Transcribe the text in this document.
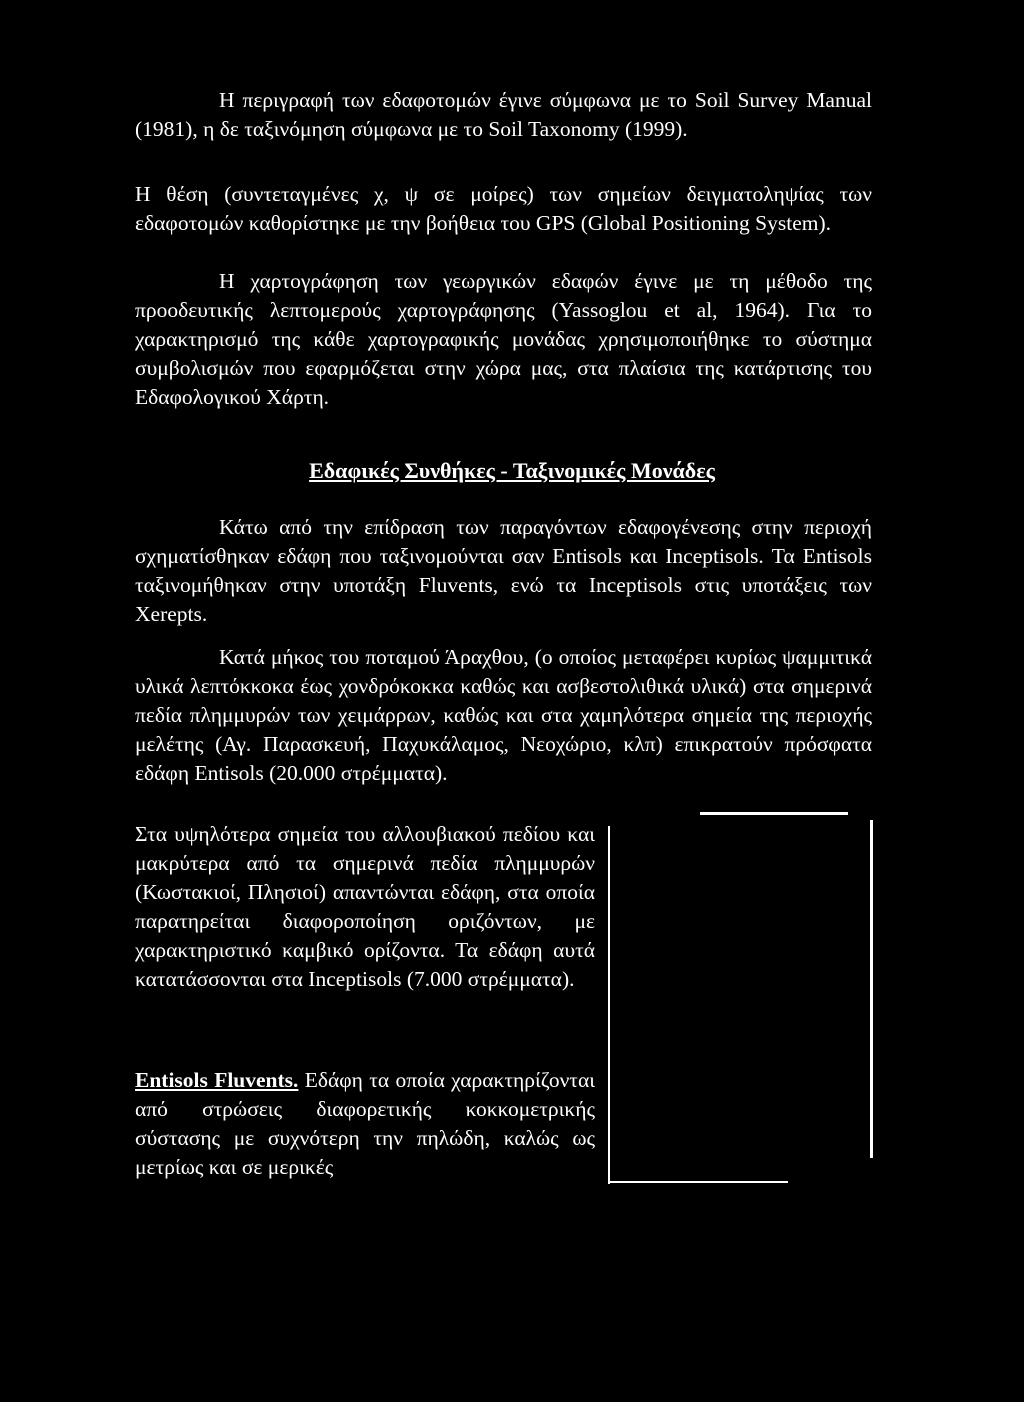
Η περιγραφή των εδαφοτομών έγινε σύμφωνα με το Soil Survey Manual (1981), η δε ταξινόμηση σύμφωνα με το Soil Taxonomy (1999).

Η θέση (συντεταγμένες χ, ψ σε μοίρες) των σημείων δειγματοληψίας των εδαφοτομών καθορίστηκε με την βοήθεια του GPS (Global Positioning System).

Η χαρτογράφηση των γεωργικών εδαφών έγινε με τη μέθοδο της προοδευτικής λεπτομερούς χαρτογράφησης (Yassoglou et al, 1964). Για το χαρακτηρισμό της κάθε χαρτογραφικής μονάδας χρησιμοποιήθηκε το σύστημα συμβολισμών που εφαρμόζεται στην χώρα μας, στα πλαίσια της κατάρτισης του Εδαφολογικού Χάρτη.

Εδαφικές Συνθήκες - Ταξινομικές Μονάδες

Κάτω από την επίδραση των παραγόντων εδαφογένεσης στην περιοχή σχηματίσθηκαν εδάφη που ταξινομούνται σαν Entisols και Inceptisols. Τα Entisols ταξινομήθηκαν στην υποτάξη Fluvents, ενώ τα Inceptisols στις υποτάξεις των Xerepts.

Κατά μήκος του ποταμού Άραχθου, (ο οποίος μεταφέρει κυρίως ψαμμιτικά υλικά λεπτόκκοκα έως χονδρόκοκκα καθώς και ασβεστολιθικά υλικά) στα σημερινά πεδία πλημμυρών των χειμάρρων, καθώς και στα χαμηλότερα σημεία της περιοχής μελέτης (Αγ. Παρασκευή, Παχυκάλαμος, Νεοχώριο, κλπ) επικρατούν πρόσφατα εδάφη Entisols (20.000 στρέμματα).

Στα υψηλότερα σημεία του αλλουβιακού πεδίου και μακρύτερα από τα σημερινά πεδία πλημμυρών (Κωστακιοί, Πλησιοί) απαντώνται εδάφη, στα οποία παρατηρείται διαφοροποίηση οριζόντων, με χαρακτηριστικό καμβικό ορίζοντα. Τα εδάφη αυτά κατατάσσονται στα Inceptisols (7.000 στρέμματα).

Entisols Fluvents. Εδάφη τα οποία χαρακτηρίζονται από στρώσεις διαφορετικής κοκκομετρικής σύστασης με συχνότερη την πηλώδη, καλώς ως μετρίως και σε μερικές
